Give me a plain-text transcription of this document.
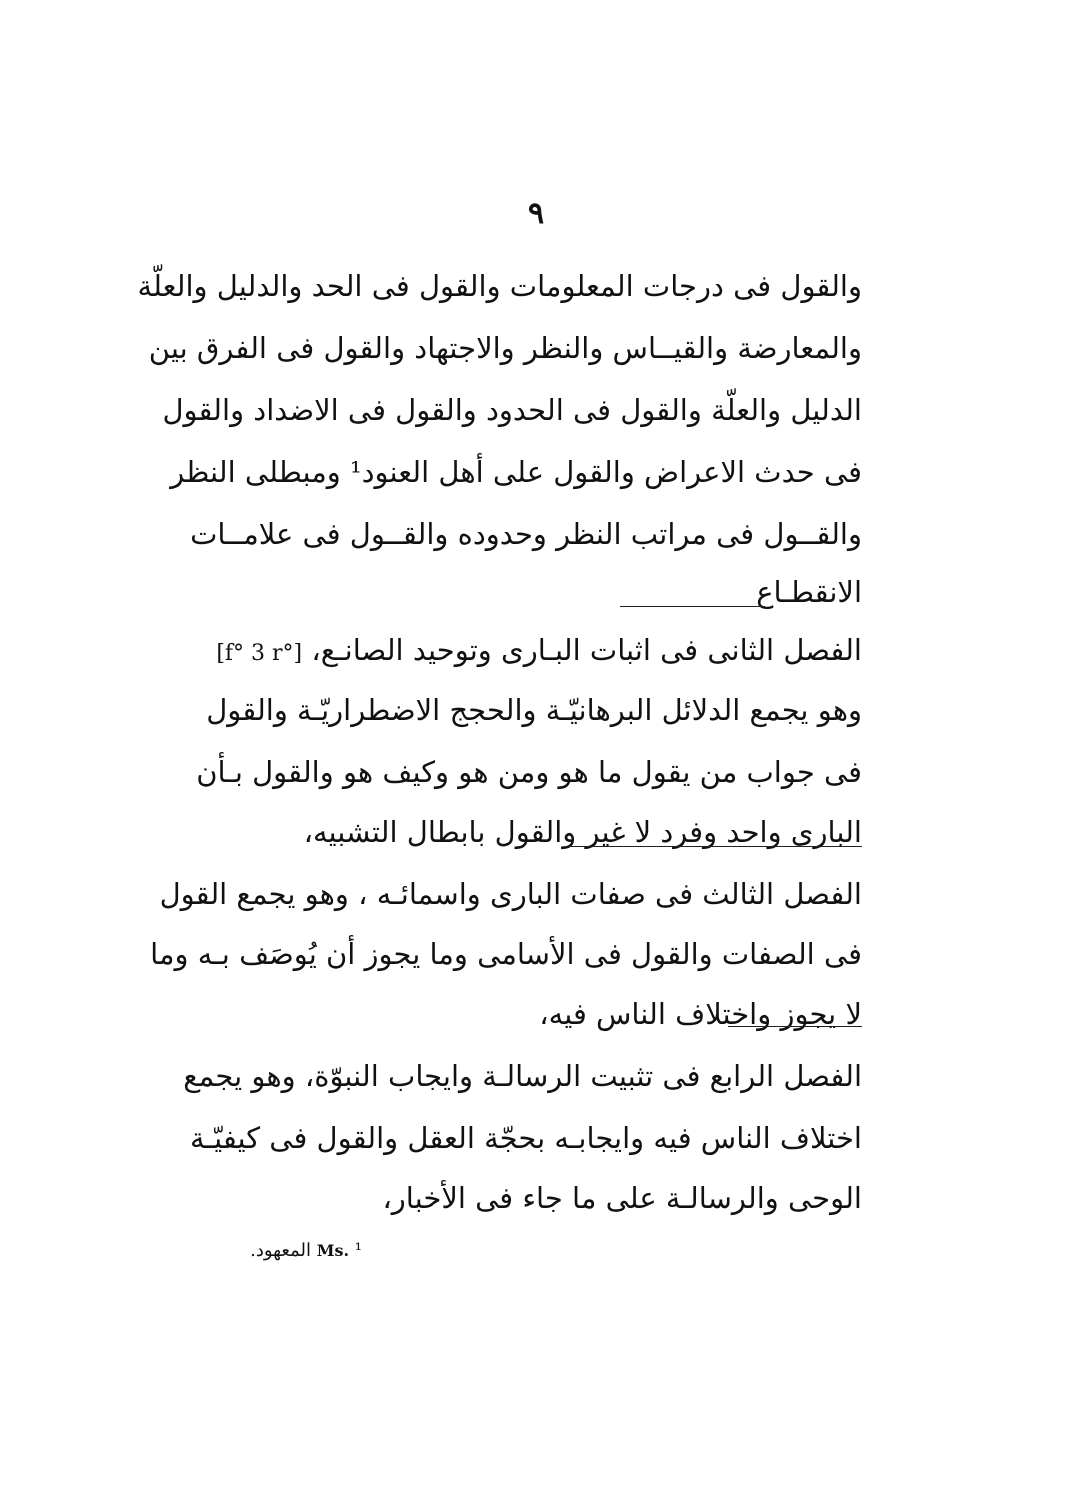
٩
والقول فى درجات المعلومات والقول فى الحد والدليل والعلّة
والمعارضة والقيــاس والنظر والاجتهاد والقول فى الفرق بين
الدليل والعلّة والقول فى الحدود والقول فى الاضداد والقول
فى حدث الاعراض والقول على أهل العنود¹ ومبطلى النظر
والقــول فى مراتب النظر وحدوده والقــول فى علامــات
الانقطـاع
الفصل الثانى فى اثبات البـارى وتوحيد الصانـع، [f° 3 r°]
وهو يجمع الدلائل البرهانيّـة والحجج الاضطراريّـة والقول
فى جواب من يقول ما هو ومن هو وكيف هو والقول بـأن
البارى واحد وفرد لا غير والقول بابطال التشبيه،
الفصل الثالث فى صفات البارى واسمائـه ، وهو يجمع القول
فى الصفات والقول فى الأسامى وما يجوز أن يُوصَف بـه وما
لا يجوز واختلاف الناس فيه،
الفصل الرابع فى تثبيت الرسالـة وايجاب النبوّة، وهو يجمع
اختلاف الناس فيه وايجابـه بحجّة العقل والقول فى كيفيّـة
الوحى والرسالـة على ما جاء فى الأخبار،
¹ Ms. المعهود.
